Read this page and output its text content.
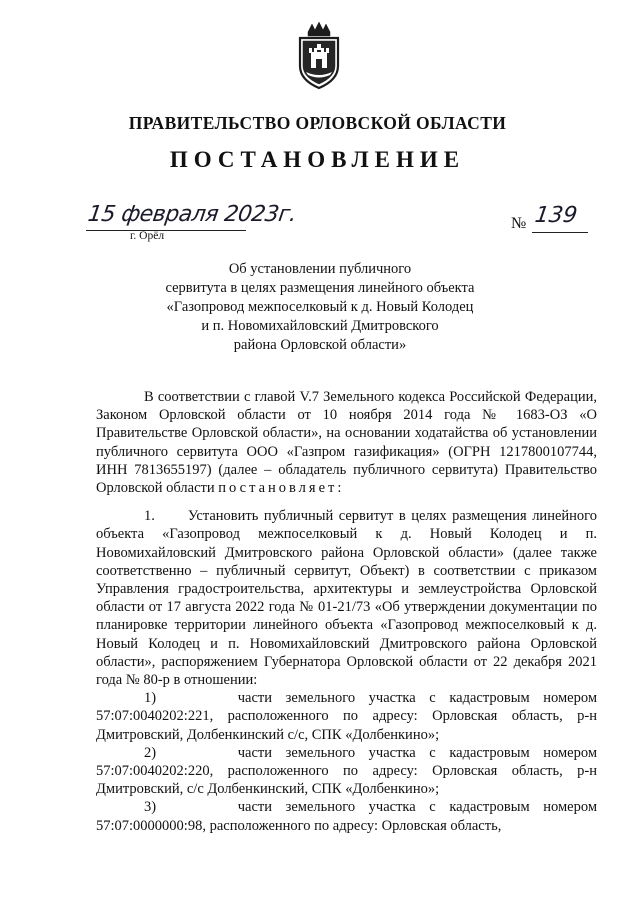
ПРАВИТЕЛЬСТВО ОРЛОВСКОЙ ОБЛАСТИ
ПОСТАНОВЛЕНИЕ
15 февраля 2023г.
г. Орёл
№ 139
Об установлении публичного
сервитута в целях размещения линейного объекта
«Газопровод межпоселковый к д. Новый Колодец
и п. Новомихайловский Дмитровского
района Орловской области»

В соответствии с главой V.7 Земельного кодекса Российской Федерации, Законом Орловской области от 10 ноября 2014 года № 1683-ОЗ «О Правительстве Орловской области», на основании ходатайства об установлении публичного сервитута ООО «Газпром газификация» (ОГРН 1217800107744, ИНН 7813655197) (далее – обладатель публичного сервитута) Правительство Орловской области постановляет:

1.      Установить публичный сервитут в целях размещения линейного объекта «Газопровод межпоселковый к д. Новый Колодец и п. Новомихайловский Дмитровского района Орловской области» (далее также соответственно – публичный сервитут, Объект) в соответствии с приказом Управления градостроительства, архитектуры и землеустройства Орловской области от 17 августа 2022 года № 01-21/73 «Об утверждении документации по планировке территории линейного объекта «Газопровод межпоселковый к д. Новый Колодец и п. Новомихайловский Дмитровского района Орловской области», распоряжением Губернатора Орловской области от 22 декабря 2021 года № 80-р в отношении:

1)      части земельного участка с кадастровым номером 57:07:0040202:221, расположенного по адресу: Орловская область, р-н Дмитровский, Долбенкинский с/с, СПК «Долбенкино»;

2)      части земельного участка с кадастровым номером 57:07:0040202:220, расположенного по адресу: Орловская область, р-н Дмитровский, с/с Долбенкинский, СПК «Долбенкино»;

3)      части земельного участка с кадастровым номером 57:07:0000000:98, расположенного по адресу: Орловская область,
